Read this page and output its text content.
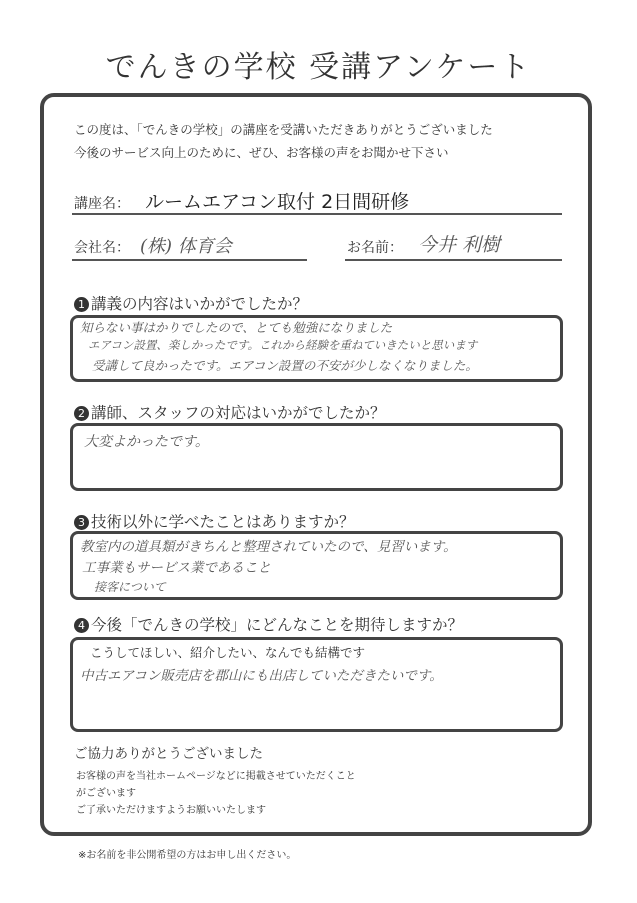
でんきの学校 受講アンケート
この度は、「でんきの学校」の講座を受講いただきありがとうございました
今後のサービス向上のために、ぜひ、お客様の声をお聞かせ下さい
講座名： ルームエアコン取付 2日間研修
会社名： (株) 体育会	お名前： 今井 利樹
1 講義の内容はいかがでしたか？
知らない事はかりでしたので、とても勉強になりました
エアコン設置、楽しかったです。これから経験を重ねていきたいと思います
受講して良かったです。エアコン設置の不安が少しなくなりました。
2 講師、スタッフの対応はいかがでしたか？
大変よかったです。
3 技術以外に学べたことはありますか？
教室内の道具類がきちんと整理されていたので、見習います。
工事業もサービス業であること
接客について
4 今後「でんきの学校」にどんなことを期待しますか？
こうしてほしい、紹介したい、なんでも結構です
中古エアコン販売店を郡山にも出店していただきたいです。
ご協力ありがとうございました
お客様の声を当社ホームページなどに掲載させていただくこと
がございます
ご了承いただけますようお願いいたします
※お名前を非公開希望の方はお申し出ください。
